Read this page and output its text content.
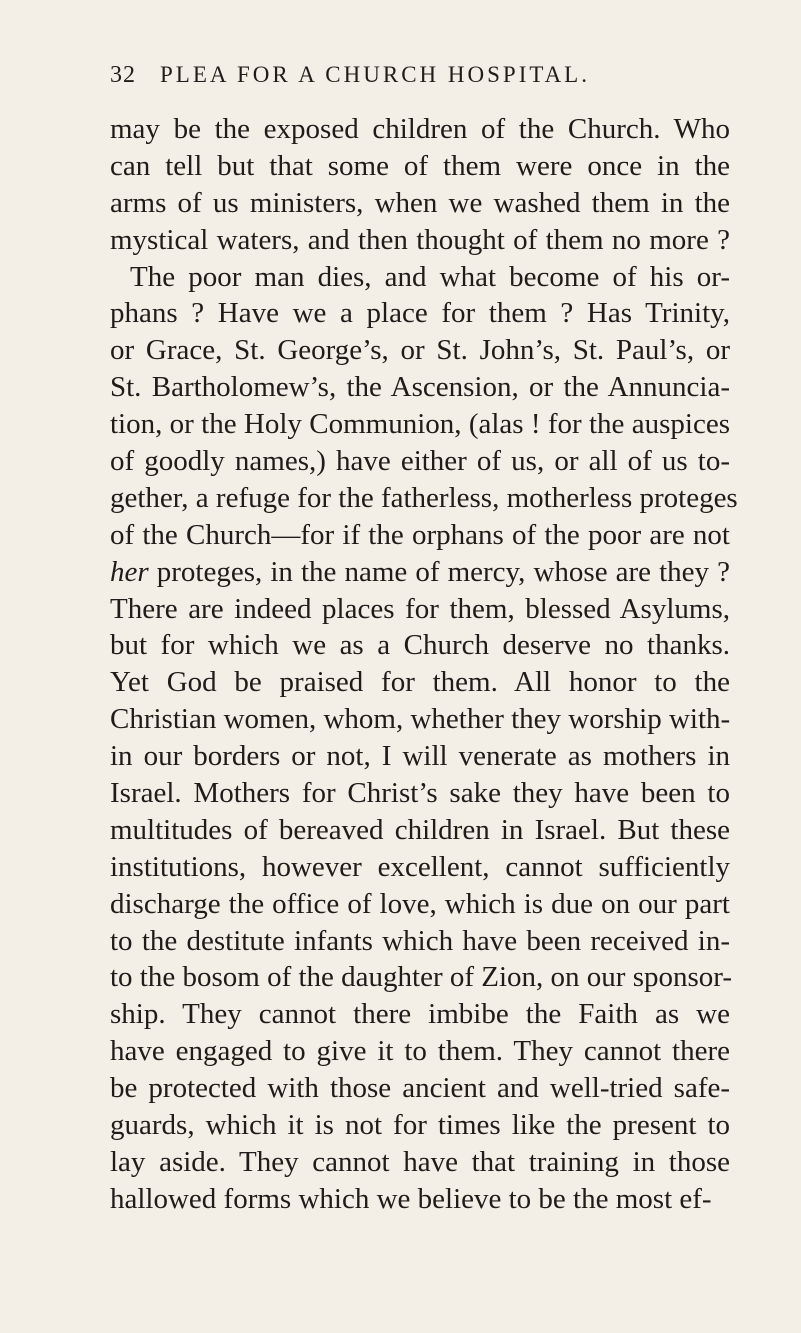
32 PLEA FOR A CHURCH HOSPITAL.
may be the exposed children of the Church. Who
can tell but that some of them were once in the
arms of us ministers, when we washed them in the
mystical waters, and then thought of them no more ?
The poor man dies, and what become of his or-
phans ? Have we a place for them ? Has Trinity,
or Grace, St. George’s, or St. John’s, St. Paul’s, or
St. Bartholomew’s, the Ascension, or the Annuncia-
tion, or the Holy Communion, (alas ! for the auspices
of goodly names,) have either of us, or all of us to-
gether, a refuge for the fatherless, motherless proteges
of the Church—for if the orphans of the poor are not
her proteges, in the name of mercy, whose are they ?
There are indeed places for them, blessed Asylums,
but for which we as a Church deserve no thanks.
Yet God be praised for them. All honor to the
Christian women, whom, whether they worship with-
in our borders or not, I will venerate as mothers in
Israel. Mothers for Christ’s sake they have been to
multitudes of bereaved children in Israel. But these
institutions, however excellent, cannot sufficiently
discharge the office of love, which is due on our part
to the destitute infants which have been received in-
to the bosom of the daughter of Zion, on our sponsor-
ship. They cannot there imbibe the Faith as we
have engaged to give it to them. They cannot there
be protected with those ancient and well-tried safe-
guards, which it is not for times like the present to
lay aside. They cannot have that training in those
hallowed forms which we believe to be the most ef-
